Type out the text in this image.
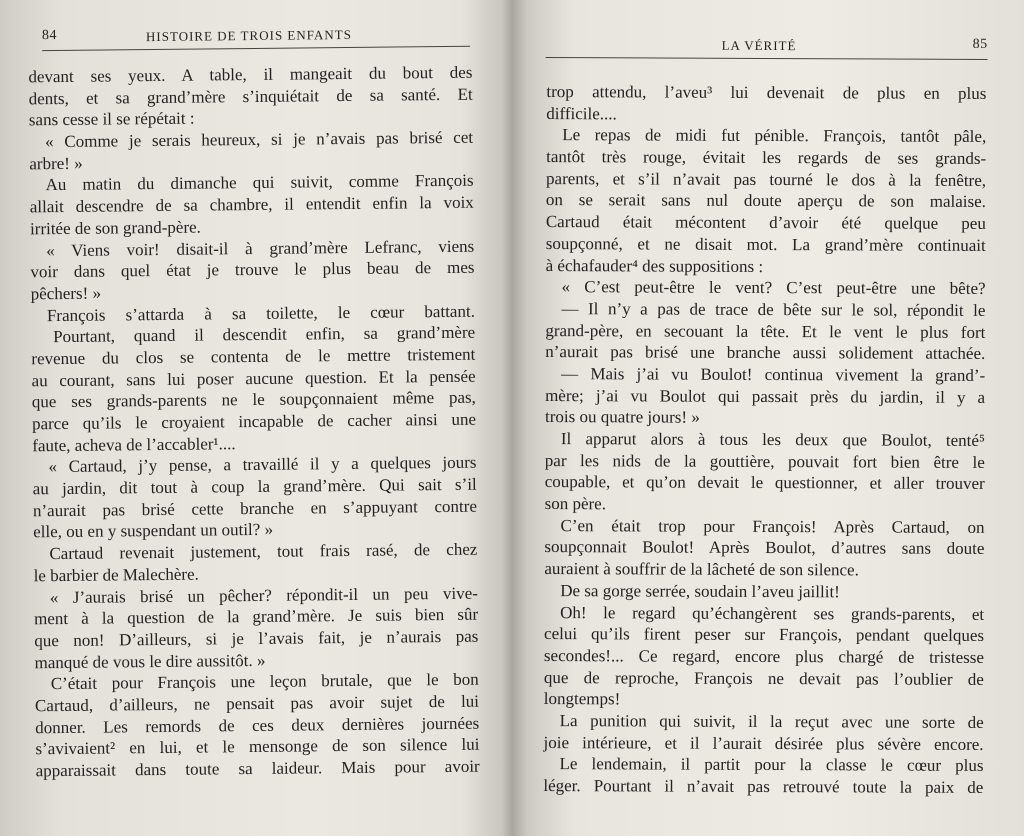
84	HISTOIRE DE TROIS ENFANTS
devant ses yeux. A table, il mangeait du bout des
dents, et sa grand’mère s’inquiétait de sa santé. Et
sans cesse il se répétait :
« Comme je serais heureux, si je n’avais pas brisé cet
arbre! »
Au matin du dimanche qui suivit, comme François
allait descendre de sa chambre, il entendit enfin la voix
irritée de son grand-père.
« Viens voir! disait-il à grand’mère Lefranc, viens
voir dans quel état je trouve le plus beau de mes
pêchers! »
François s’attarda à sa toilette, le cœur battant.
Pourtant, quand il descendit enfin, sa grand’mère
revenue du clos se contenta de le mettre tristement
au courant, sans lui poser aucune question. Et la pensée
que ses grands-parents ne le soupçonnaient même pas,
parce qu’ils le croyaient incapable de cacher ainsi une
faute, acheva de l’accabler¹....
« Cartaud, j’y pense, a travaillé il y a quelques jours
au jardin, dit tout à coup la grand’mère. Qui sait s’il
n’aurait pas brisé cette branche en s’appuyant contre
elle, ou en y suspendant un outil? »
Cartaud revenait justement, tout frais rasé, de chez
le barbier de Malechère.
« J’aurais brisé un pêcher? répondit-il un peu vive-
ment à la question de la grand’mère. Je suis bien sûr
que non! D’ailleurs, si je l’avais fait, je n’aurais pas
manqué de vous le dire aussitôt. »
C’était pour François une leçon brutale, que le bon
Cartaud, d’ailleurs, ne pensait pas avoir sujet de lui
donner. Les remords de ces deux dernières journées
s’avivaient² en lui, et le mensonge de son silence lui
apparaissait dans toute sa laideur. Mais pour avoir
LA VÉRITÉ	85
trop attendu, l’aveu³ lui devenait de plus en plus
difficile....
Le repas de midi fut pénible. François, tantôt pâle,
tantôt très rouge, évitait les regards de ses grands-
parents, et s’il n’avait pas tourné le dos à la fenêtre,
on se serait sans nul doute aperçu de son malaise.
Cartaud était mécontent d’avoir été quelque peu
soupçonné, et ne disait mot. La grand’mère continuait
à échafauder⁴ des suppositions :
« C’est peut-être le vent? C’est peut-être une bête?
— Il n’y a pas de trace de bête sur le sol, répondit le
grand-père, en secouant la tête. Et le vent le plus fort
n’aurait pas brisé une branche aussi solidement attachée.
— Mais j’ai vu Boulot! continua vivement la grand’-
mère; j’ai vu Boulot qui passait près du jardin, il y a
trois ou quatre jours! »
Il apparut alors à tous les deux que Boulot, tenté⁵
par les nids de la gouttière, pouvait fort bien être le
coupable, et qu’on devait le questionner, et aller trouver
son père.
C’en était trop pour François! Après Cartaud, on
soupçonnait Boulot! Après Boulot, d’autres sans doute
auraient à souffrir de la lâcheté de son silence.
De sa gorge serrée, soudain l’aveu jaillit!
Oh! le regard qu’échangèrent ses grands-parents, et
celui qu’ils firent peser sur François, pendant quelques
secondes!... Ce regard, encore plus chargé de tristesse
que de reproche, François ne devait pas l’oublier de
longtemps!
La punition qui suivit, il la reçut avec une sorte de
joie intérieure, et il l’aurait désirée plus sévère encore.
Le lendemain, il partit pour la classe le cœur plus
léger. Pourtant il n’avait pas retrouvé toute la paix de
